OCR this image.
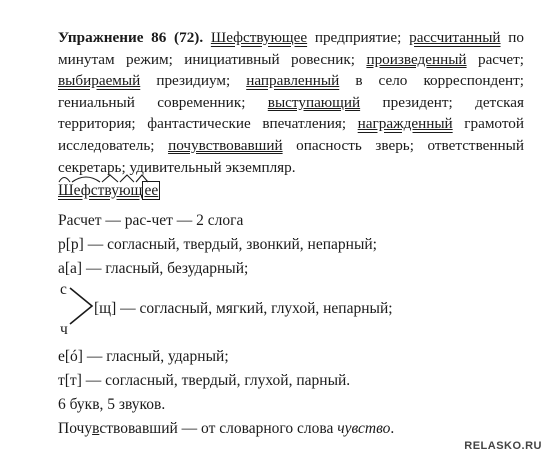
Упражнение 86 (72). Шефствующее предприятие; рассчитанный по минутам режим; инициативный ровесник; произведенный расчет; выбираемый президиум; направленный в село корреспондент; гениальный современник; выступающий президент; детская территория; фантастические впечатления; награжденный грамотой исследователь; почувствовавший опасность зверь; ответственный секретарь; удивительный экземпляр.
Шефствующ ее
Расчет — рас-чет — 2 слога
р[р] — согласный, твердый, звонкий, непарный;
а[а] — гласный, безударный;
с
[щ] — согласный, мягкий, глухой, непарный;
ч
е[ó] — гласный, ударный;
т[т] — согласный, твердый, глухой, парный.
6 букв, 5 звуков.
Почувствовавший — от словарного слова чувство.
RELASKO.RU
